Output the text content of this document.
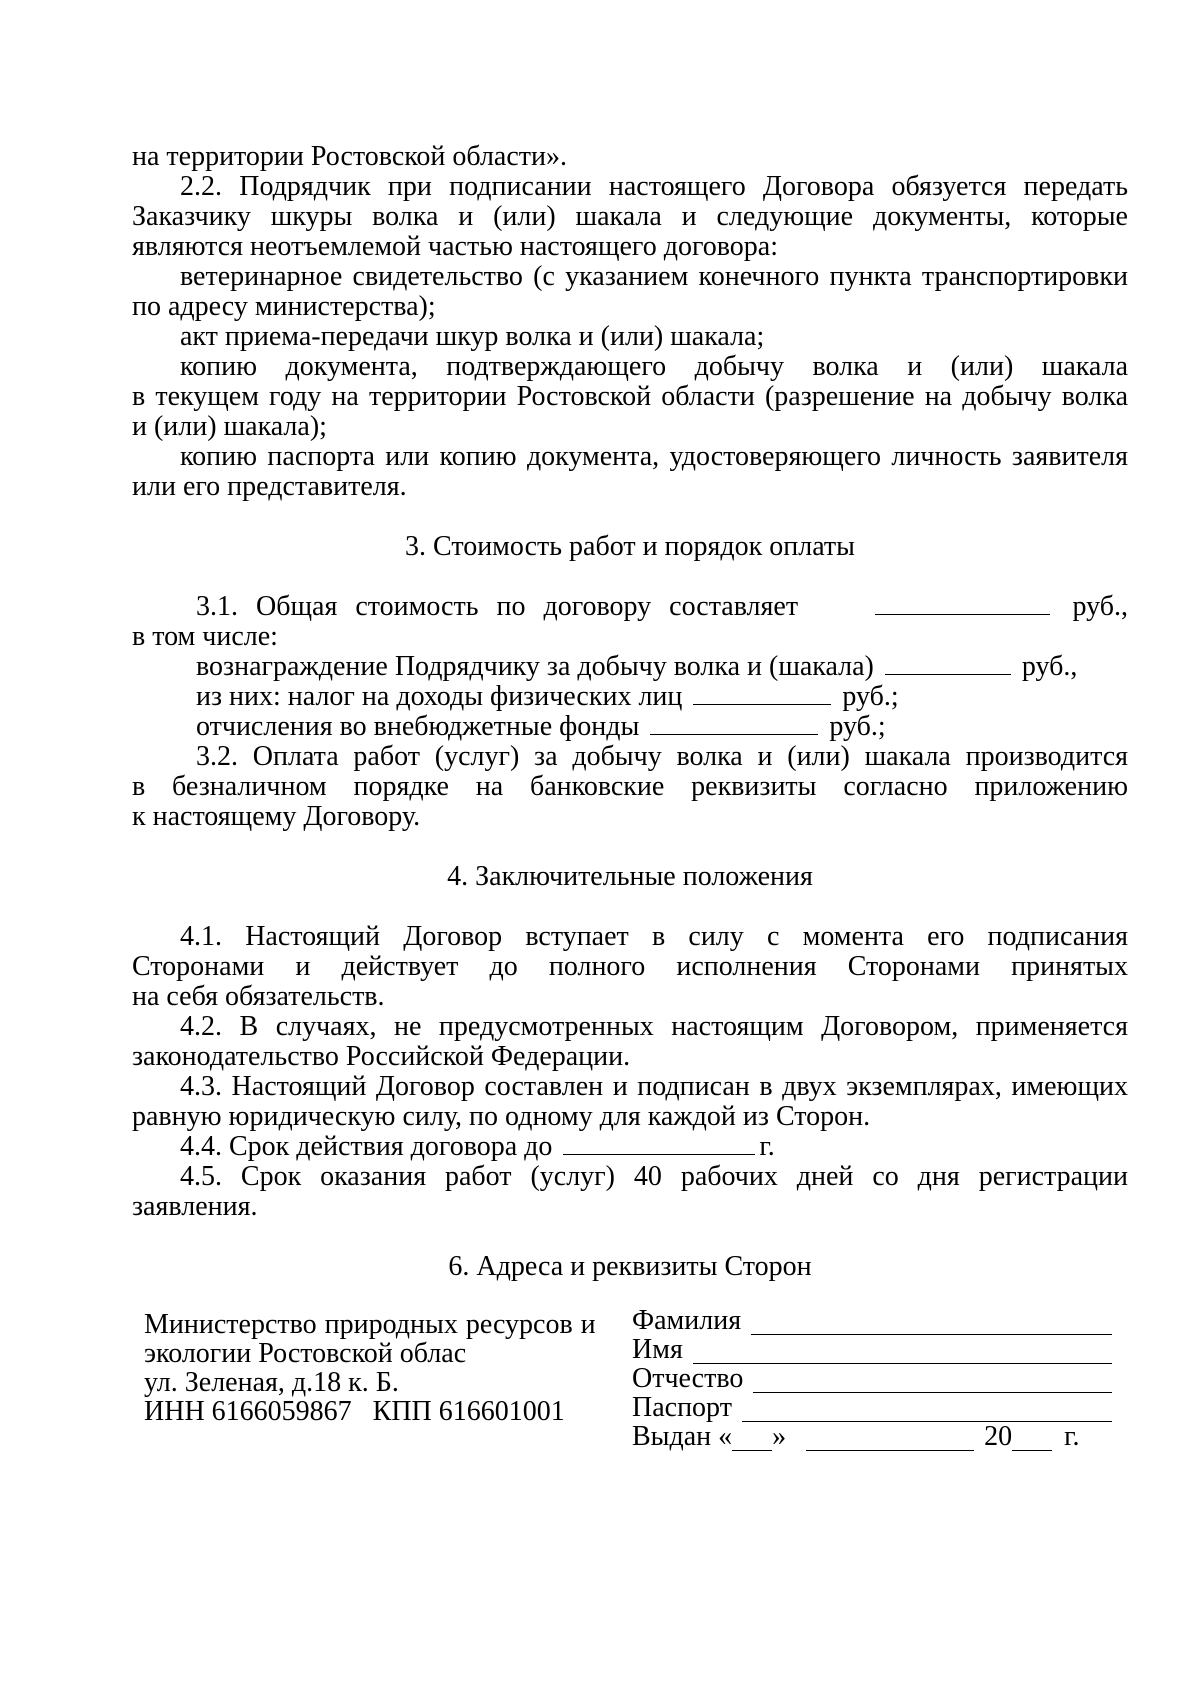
на территории Ростовской области».
2.2. Подрядчик при подписании настоящего Договора обязуется передать
Заказчику шкуры волка и (или) шакала и следующие документы, которые
являются неотъемлемой частью настоящего договора:
ветеринарное свидетельство (с указанием конечного пункта транспортировки
по адресу министерства);
акт приема-передачи шкур волка и (или) шакала;
копию документа, подтверждающего добычу волка и (или) шакала
в текущем году на территории Ростовской области (разрешение на добычу волка
и (или) шакала);
копию паспорта или копию документа, удостоверяющего личность заявителя
или его представителя.
3. Стоимость работ и порядок оплаты
3.1. Общая стоимость по договору составляет	руб.,
в том числе:
вознаграждение Подрядчику за добычу волка и (шакала)	руб.,
из них: налог на доходы физических лиц	руб.;
отчисления во внебюджетные фонды	руб.;
3.2. Оплата работ (услуг) за добычу волка и (или) шакала производится
в безналичном порядке на банковские реквизиты согласно приложению
к настоящему Договору.
4. Заключительные положения
4.1. Настоящий Договор вступает в силу с момента его подписания
Сторонами и действует до полного исполнения Сторонами принятых
на себя обязательств.
4.2. В случаях, не предусмотренных настоящим Договором, применяется
законодательство Российской Федерации.
4.3. Настоящий Договор составлен и подписан в двух экземплярах, имеющих
равную юридическую силу, по одному для каждой из Сторон.
4.4. Срок действия договора до	г.
4.5. Срок оказания работ (услуг) 40 рабочих дней со дня регистрации
заявления.
6. Адреса и реквизиты Сторон
Министерство природных ресурсов и
экологии Ростовской облас
ул. Зеленая, д.18 к. Б.
ИНН 6166059867   КПП 616601001
Фамилия
Имя
Отчество
Паспорт
Выдан « »	20 г.
